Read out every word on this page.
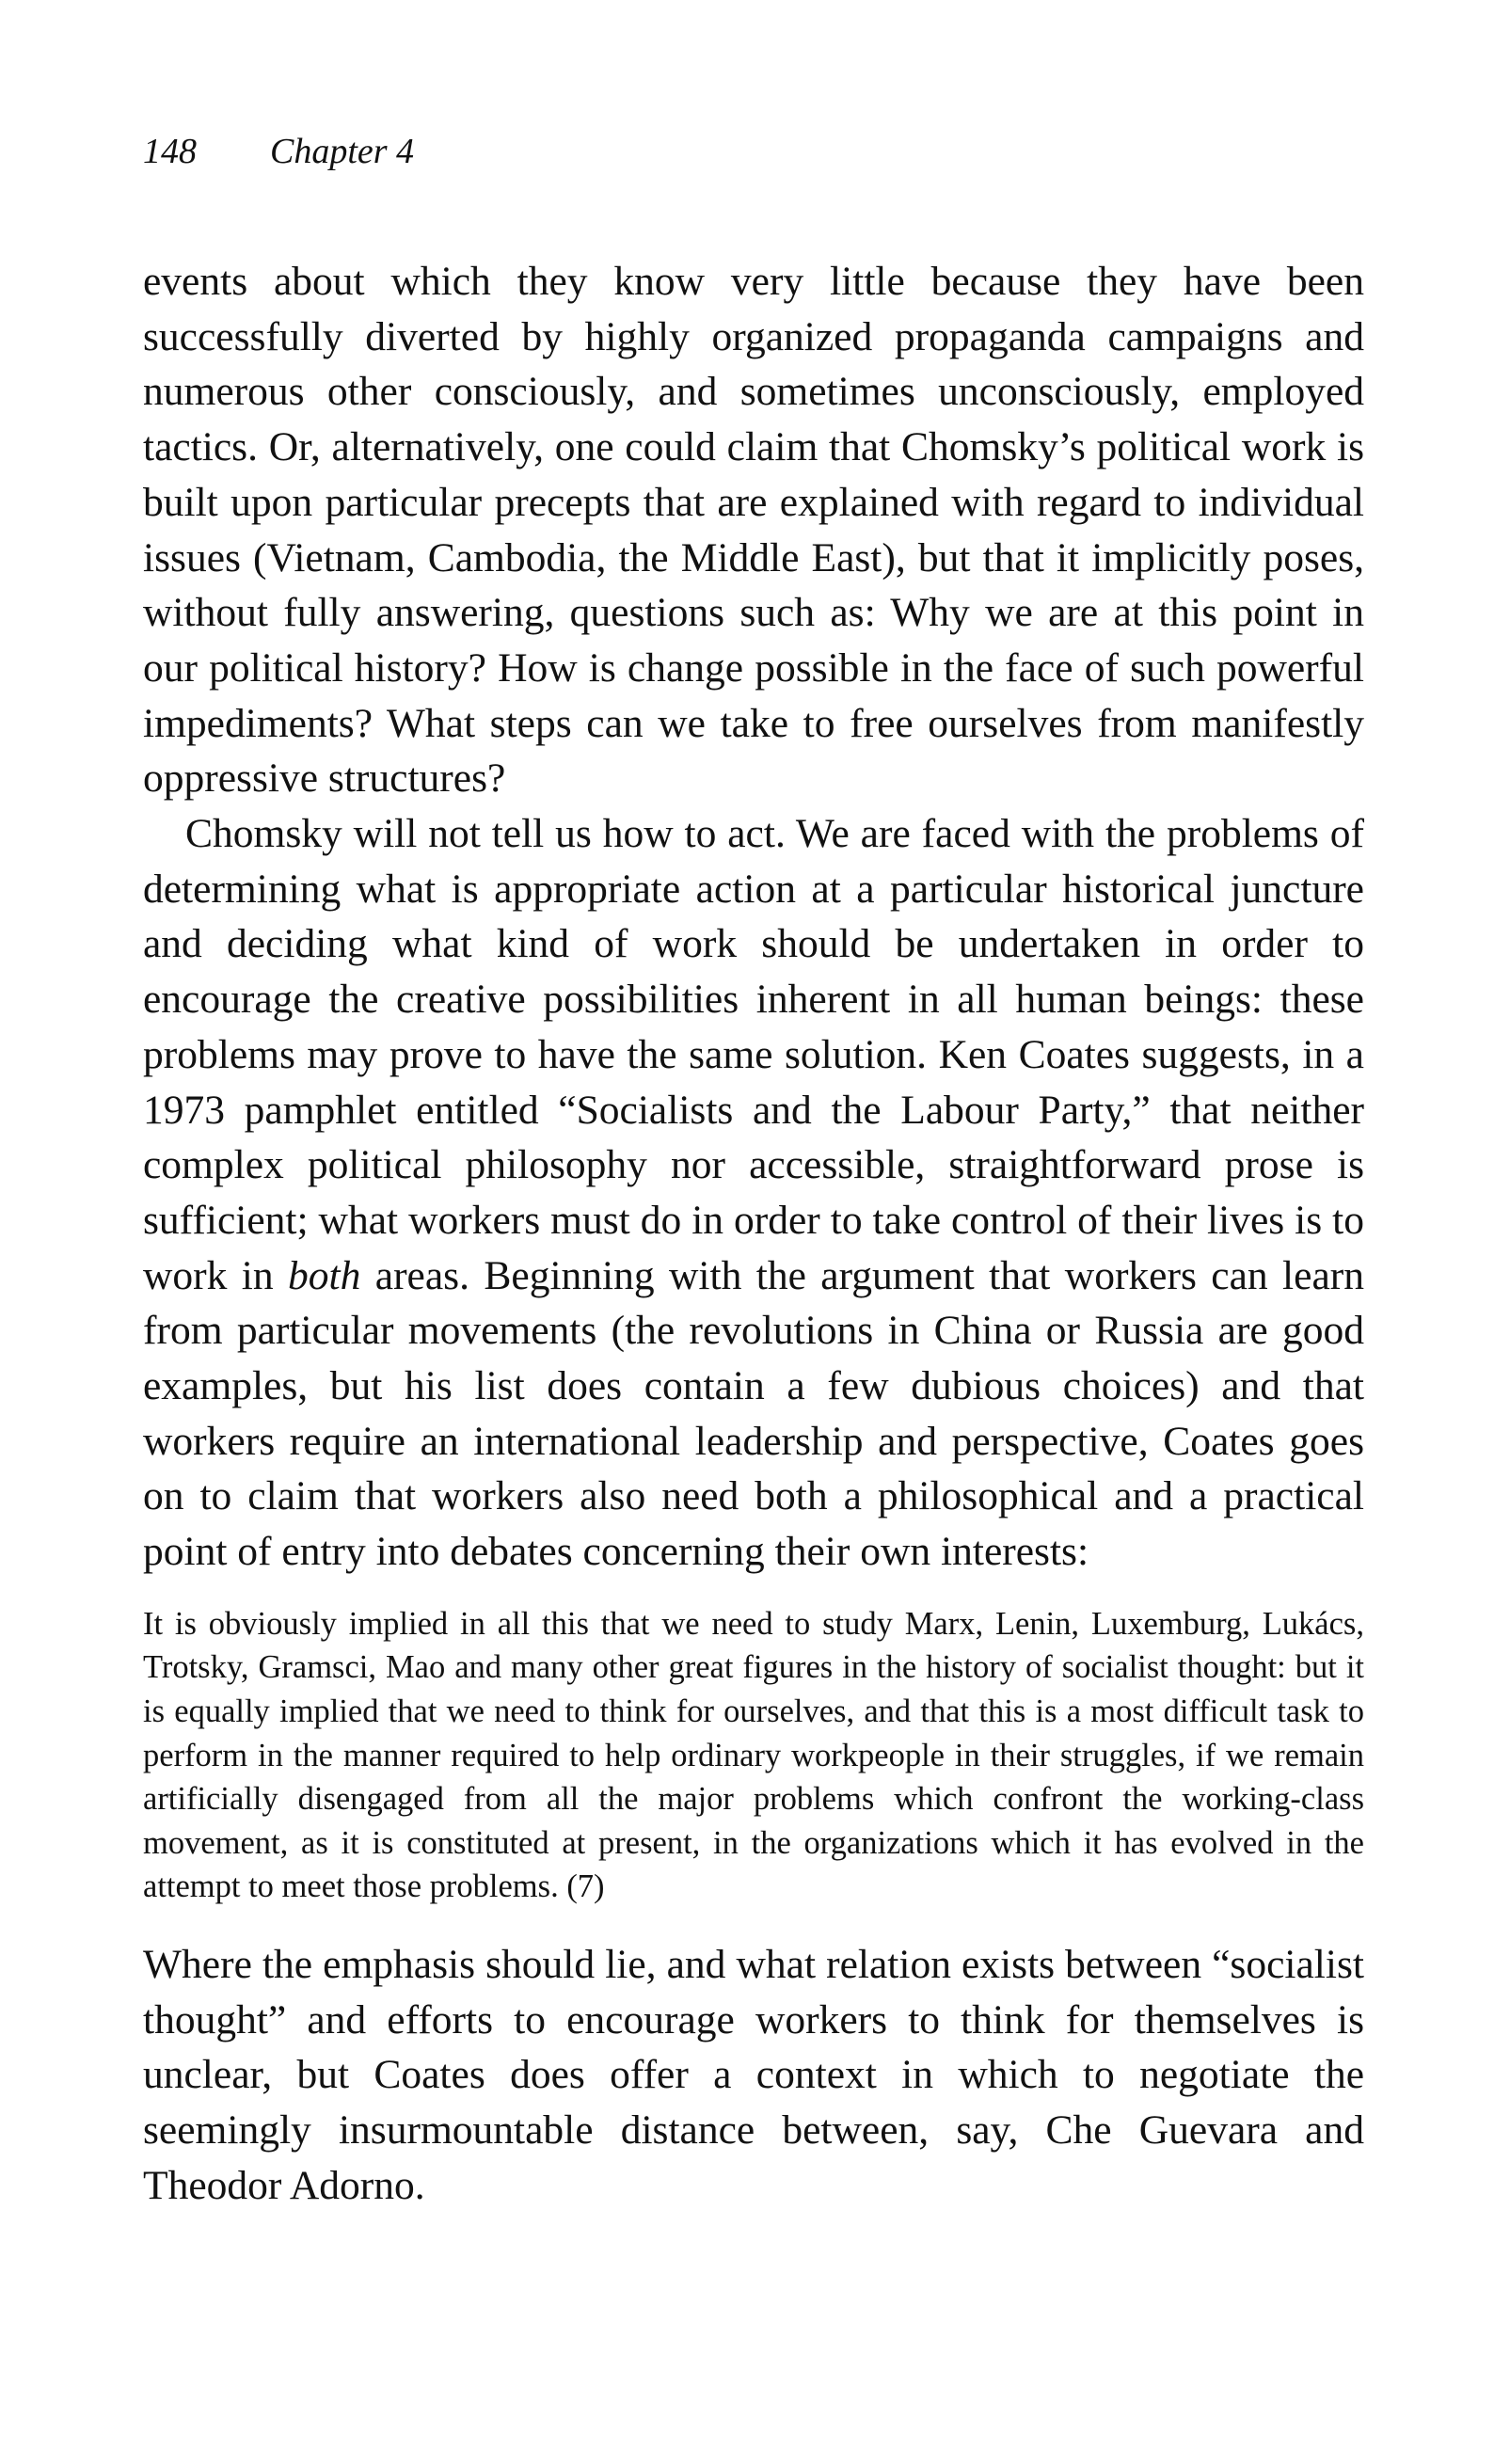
148 Chapter 4

events about which they know very little because they have been successfully diverted by highly organized propaganda campaigns and numerous other consciously, and sometimes unconsciously, employed tactics. Or, alternatively, one could claim that Chomsky’s political work is built upon particular precepts that are explained with regard to individual issues (Vietnam, Cambodia, the Middle East), but that it implicitly poses, without fully answering, questions such as: Why we are at this point in our political history? How is change possible in the face of such powerful impediments? What steps can we take to free ourselves from manifestly oppressive structures?

Chomsky will not tell us how to act. We are faced with the problems of determining what is appropriate action at a particular historical juncture and deciding what kind of work should be undertaken in order to encourage the creative possibilities inherent in all human beings: these problems may prove to have the same solution. Ken Coates suggests, in a 1973 pamphlet entitled “Socialists and the Labour Party,” that neither complex political philosophy nor accessible, straightforward prose is sufficient; what workers must do in order to take control of their lives is to work in both areas. Beginning with the argument that workers can learn from particular movements (the revolutions in China or Russia are good examples, but his list does contain a few dubious choices) and that workers require an international leadership and perspective, Coates goes on to claim that workers also need both a philosophical and a practical point of entry into debates concerning their own interests:

It is obviously implied in all this that we need to study Marx, Lenin, Luxemburg, Lukács, Trotsky, Gramsci, Mao and many other great figures in the history of socialist thought: but it is equally implied that we need to think for ourselves, and that this is a most difficult task to perform in the manner required to help ordinary workpeople in their struggles, if we remain artificially disengaged from all the major problems which confront the working-class movement, as it is constituted at present, in the organizations which it has evolved in the attempt to meet those problems. (7)

Where the emphasis should lie, and what relation exists between “socialist thought” and efforts to encourage workers to think for themselves is unclear, but Coates does offer a context in which to negotiate the seemingly insurmountable distance between, say, Che Guevara and Theodor Adorno.
